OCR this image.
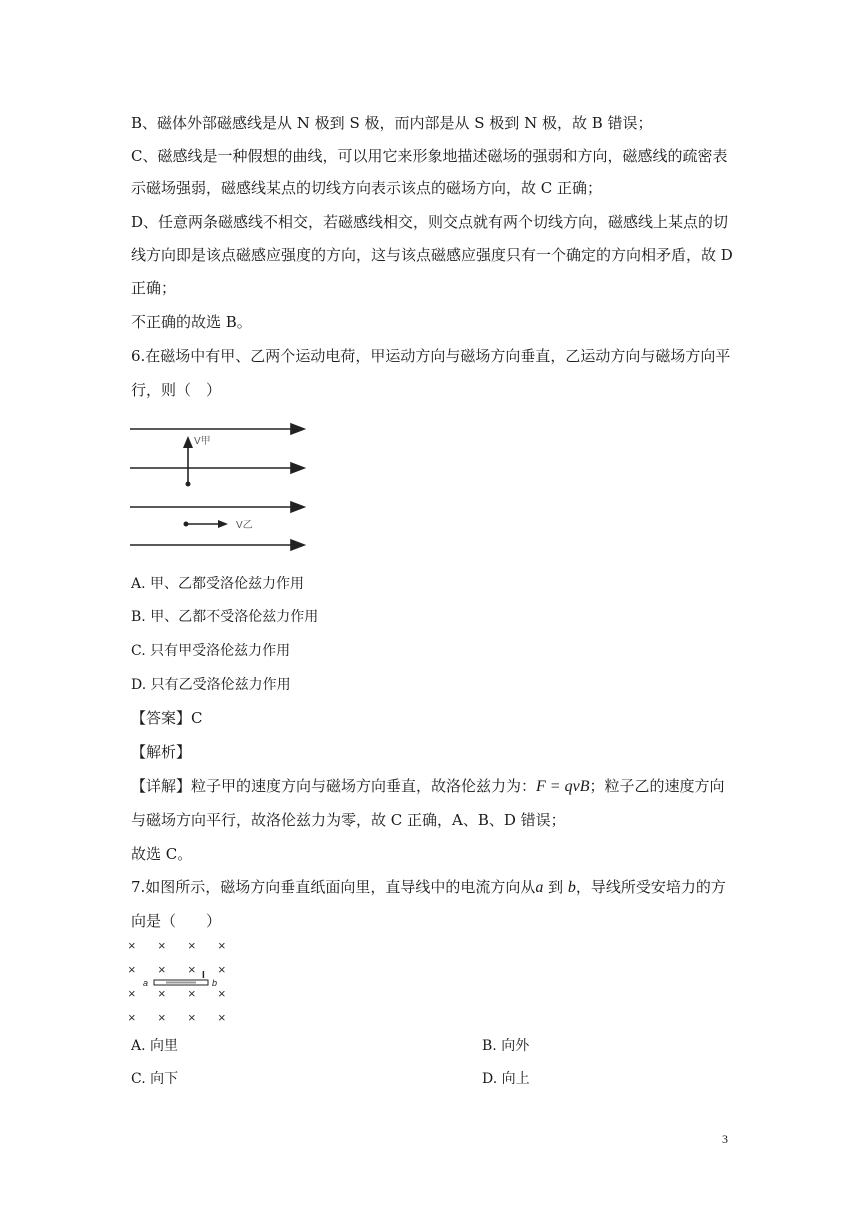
B、磁体外部磁感线是从 N 极到 S 极，而内部是从 S 极到 N 极，故 B 错误；
C、磁感线是一种假想的曲线，可以用它来形象地描述磁场的强弱和方向，磁感线的疏密表
示磁场强弱，磁感线某点的切线方向表示该点的磁场方向，故 C 正确；
D、任意两条磁感线不相交，若磁感线相交，则交点就有两个切线方向，磁感线上某点的切
线方向即是该点磁感应强度的方向，这与该点磁感应强度只有一个确定的方向相矛盾，故 D
正确；
不正确的故选 B。
6.在磁场中有甲、乙两个运动电荷，甲运动方向与磁场方向垂直，乙运动方向与磁场方向平
行，则（　）
V甲
V乙
A. 甲、乙都受洛伦兹力作用
B. 甲、乙都不受洛伦兹力作用
C. 只有甲受洛伦兹力作用
D. 只有乙受洛伦兹力作用
【答案】C
【解析】
【详解】粒子甲的速度方向与磁场方向垂直，故洛伦兹力为：F = qvB；粒子乙的速度方向
与磁场方向平行，故洛伦兹力为零，故 C 正确，A、B、D 错误；
故选 C。
7.如图所示，磁场方向垂直纸面向里，直导线中的电流方向从a 到 b，导线所受安培力的方
向是（　　）
× × × ×
× × × ×
× × × ×
× × × ×
a	b
I
A. 向里	B. 向外
C. 向下	D. 向上
3
